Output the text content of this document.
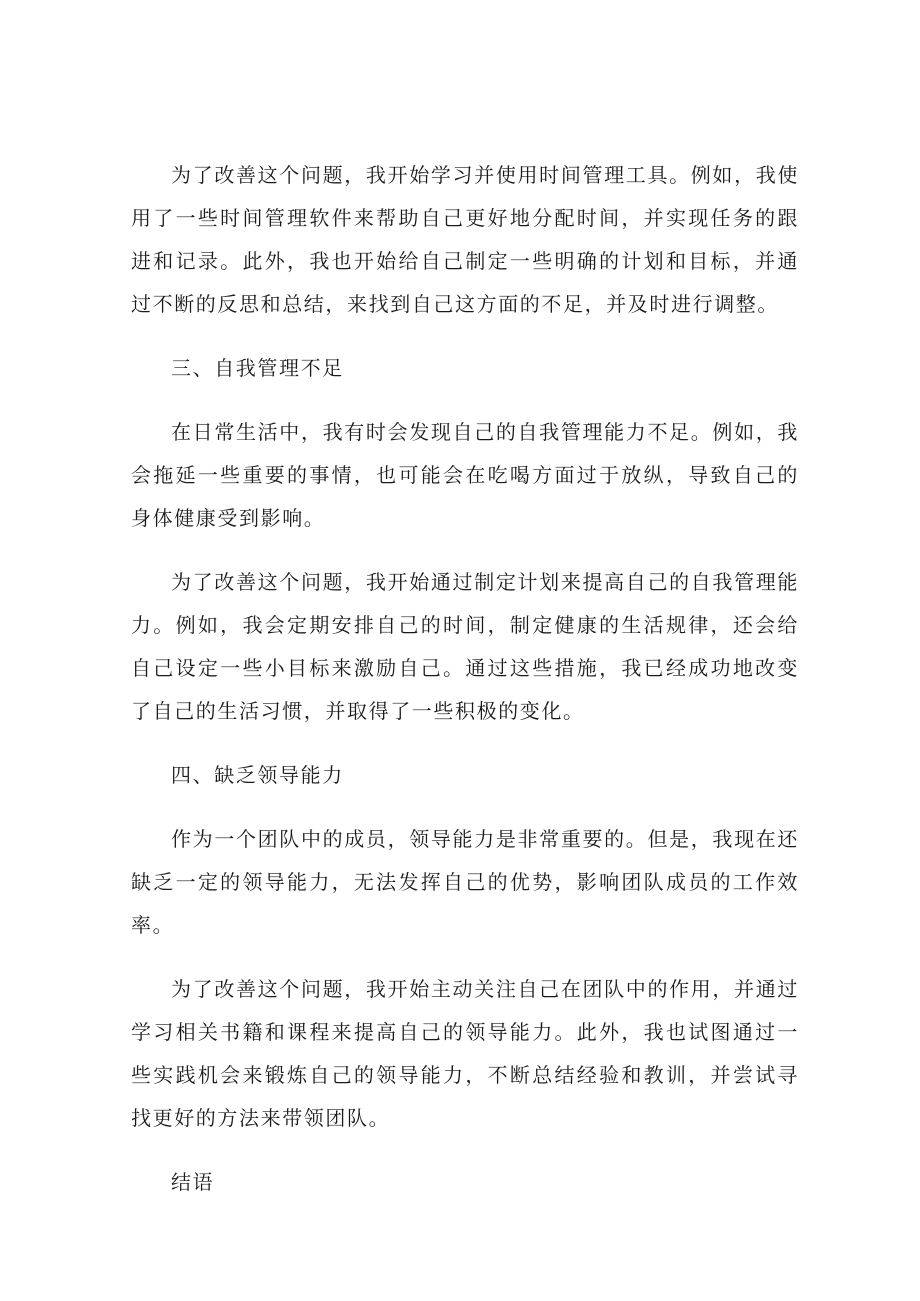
为了改善这个问题，我开始学习并使用时间管理工具。例如，我使用了一些时间管理软件来帮助自己更好地分配时间，并实现任务的跟进和记录。此外，我也开始给自己制定一些明确的计划和目标，并通过不断的反思和总结，来找到自己这方面的不足，并及时进行调整。

三、自我管理不足

在日常生活中，我有时会发现自己的自我管理能力不足。例如，我会拖延一些重要的事情，也可能会在吃喝方面过于放纵，导致自己的身体健康受到影响。

为了改善这个问题，我开始通过制定计划来提高自己的自我管理能力。例如，我会定期安排自己的时间，制定健康的生活规律，还会给自己设定一些小目标来激励自己。通过这些措施，我已经成功地改变了自己的生活习惯，并取得了一些积极的变化。

四、缺乏领导能力

作为一个团队中的成员，领导能力是非常重要的。但是，我现在还缺乏一定的领导能力，无法发挥自己的优势，影响团队成员的工作效率。

为了改善这个问题，我开始主动关注自己在团队中的作用，并通过学习相关书籍和课程来提高自己的领导能力。此外，我也试图通过一些实践机会来锻炼自己的领导能力，不断总结经验和教训，并尝试寻找更好的方法来带领团队。

结语
